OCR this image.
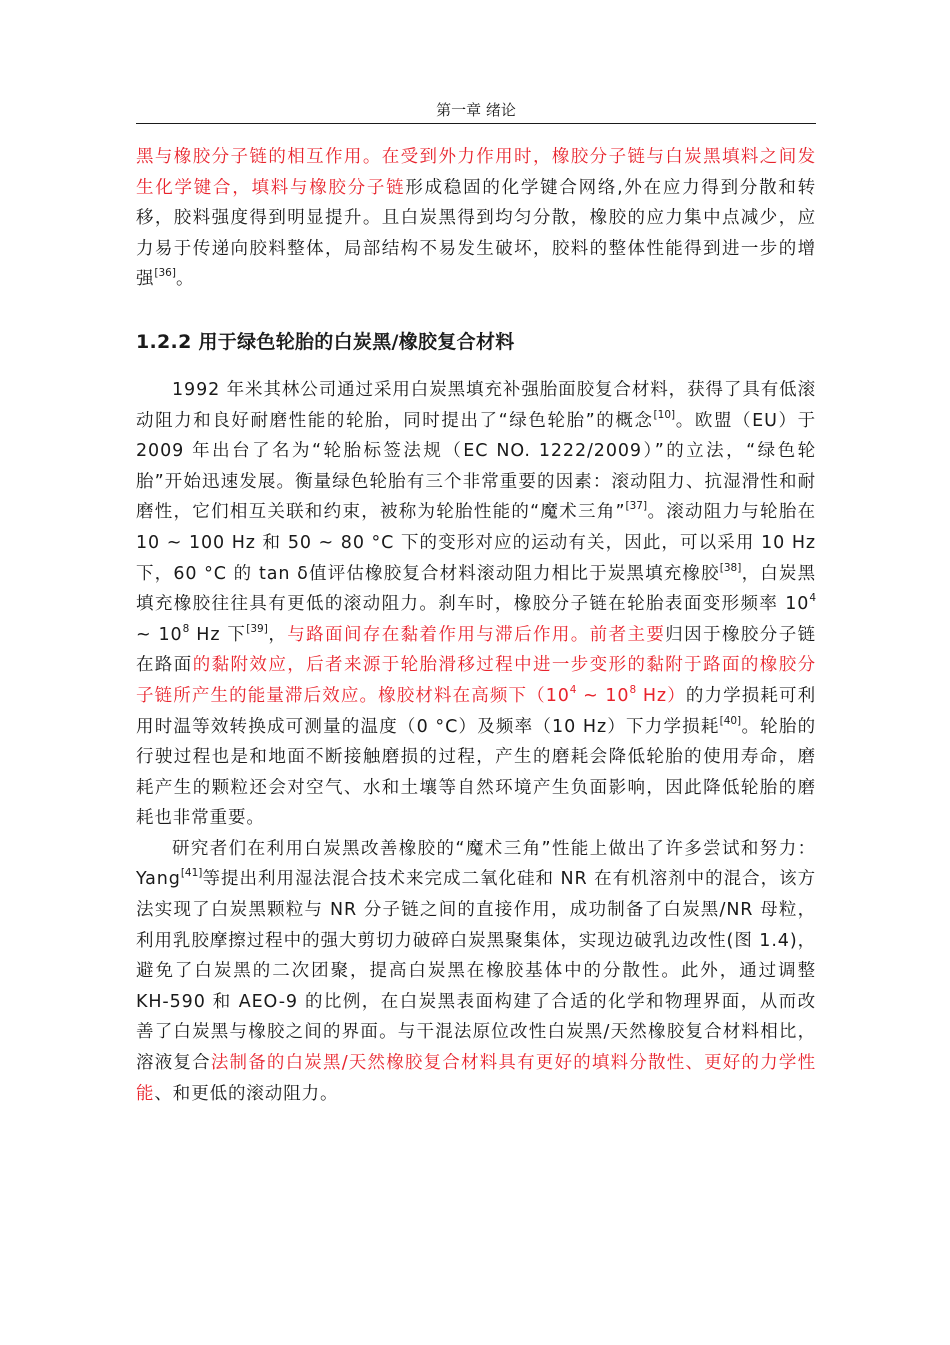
第一章 绪论

黑与橡胶分子链的相互作用。在受到外力作用时，橡胶分子链与白炭黑填料之间发生化学键合，填料与橡胶分子链形成稳固的化学键合网络,外在应力得到分散和转移，胶料强度得到明显提升。且白炭黑得到均匀分散，橡胶的应力集中点减少，应力易于传递向胶料整体，局部结构不易发生破坏，胶料的整体性能得到进一步的增强[36]。

1.2.2 用于绿色轮胎的白炭黑/橡胶复合材料

1992 年米其林公司通过采用白炭黑填充补强胎面胶复合材料，获得了具有低滚动阻力和良好耐磨性能的轮胎，同时提出了“绿色轮胎”的概念[10]。欧盟（EU）于 2009 年出台了名为“轮胎标签法规（EC NO. 1222/2009）”的立法，“绿色轮胎”开始迅速发展。衡量绿色轮胎有三个非常重要的因素：滚动阻力、抗湿滑性和耐磨性，它们相互关联和约束，被称为轮胎性能的“魔术三角”[37]。滚动阻力与轮胎在 10 ~ 100 Hz 和 50 ~ 80 °C 下的变形对应的运动有关，因此，可以采用 10 Hz 下，60 °C 的 tan δ值评估橡胶复合材料滚动阻力相比于炭黑填充橡胶[38]，白炭黑填充橡胶往往具有更低的滚动阻力。刹车时，橡胶分子链在轮胎表面变形频率 $10^4$ ~ $10^8$ Hz 下[39]，与路面间存在黏着作用与滞后作用。前者主要归因于橡胶分子链在路面的黏附效应，后者来源于轮胎滑移过程中进一步变形的黏附于路面的橡胶分子链所产生的能量滞后效应。橡胶材料在高频下（$10^4$ ~ $10^8$ Hz）的力学损耗可利用时温等效转换成可测量的温度（0 °C）及频率（10 Hz）下力学损耗[40]。轮胎的行驶过程也是和地面不断接触磨损的过程，产生的磨耗会降低轮胎的使用寿命，磨耗产生的颗粒还会对空气、水和土壤等自然环境产生负面影响，因此降低轮胎的磨耗也非常重要。

研究者们在利用白炭黑改善橡胶的“魔术三角”性能上做出了许多尝试和努力：Yang[41]等提出利用湿法混合技术来完成二氧化硅和 NR 在有机溶剂中的混合，该方法实现了白炭黑颗粒与 NR 分子链之间的直接作用，成功制备了白炭黑/NR 母粒，利用乳胶摩擦过程中的强大剪切力破碎白炭黑聚集体，实现边破乳边改性(图 1.4)，避免了白炭黑的二次团聚，提高白炭黑在橡胶基体中的分散性。此外，通过调整 KH-590 和 AEO-9 的比例，在白炭黑表面构建了合适的化学和物理界面，从而改善了白炭黑与橡胶之间的界面。与干混法原位改性白炭黑/天然橡胶复合材料相比，溶液复合法制备的白炭黑/天然橡胶复合材料具有更好的填料分散性、更好的力学性能、和更低的滚动阻力。
